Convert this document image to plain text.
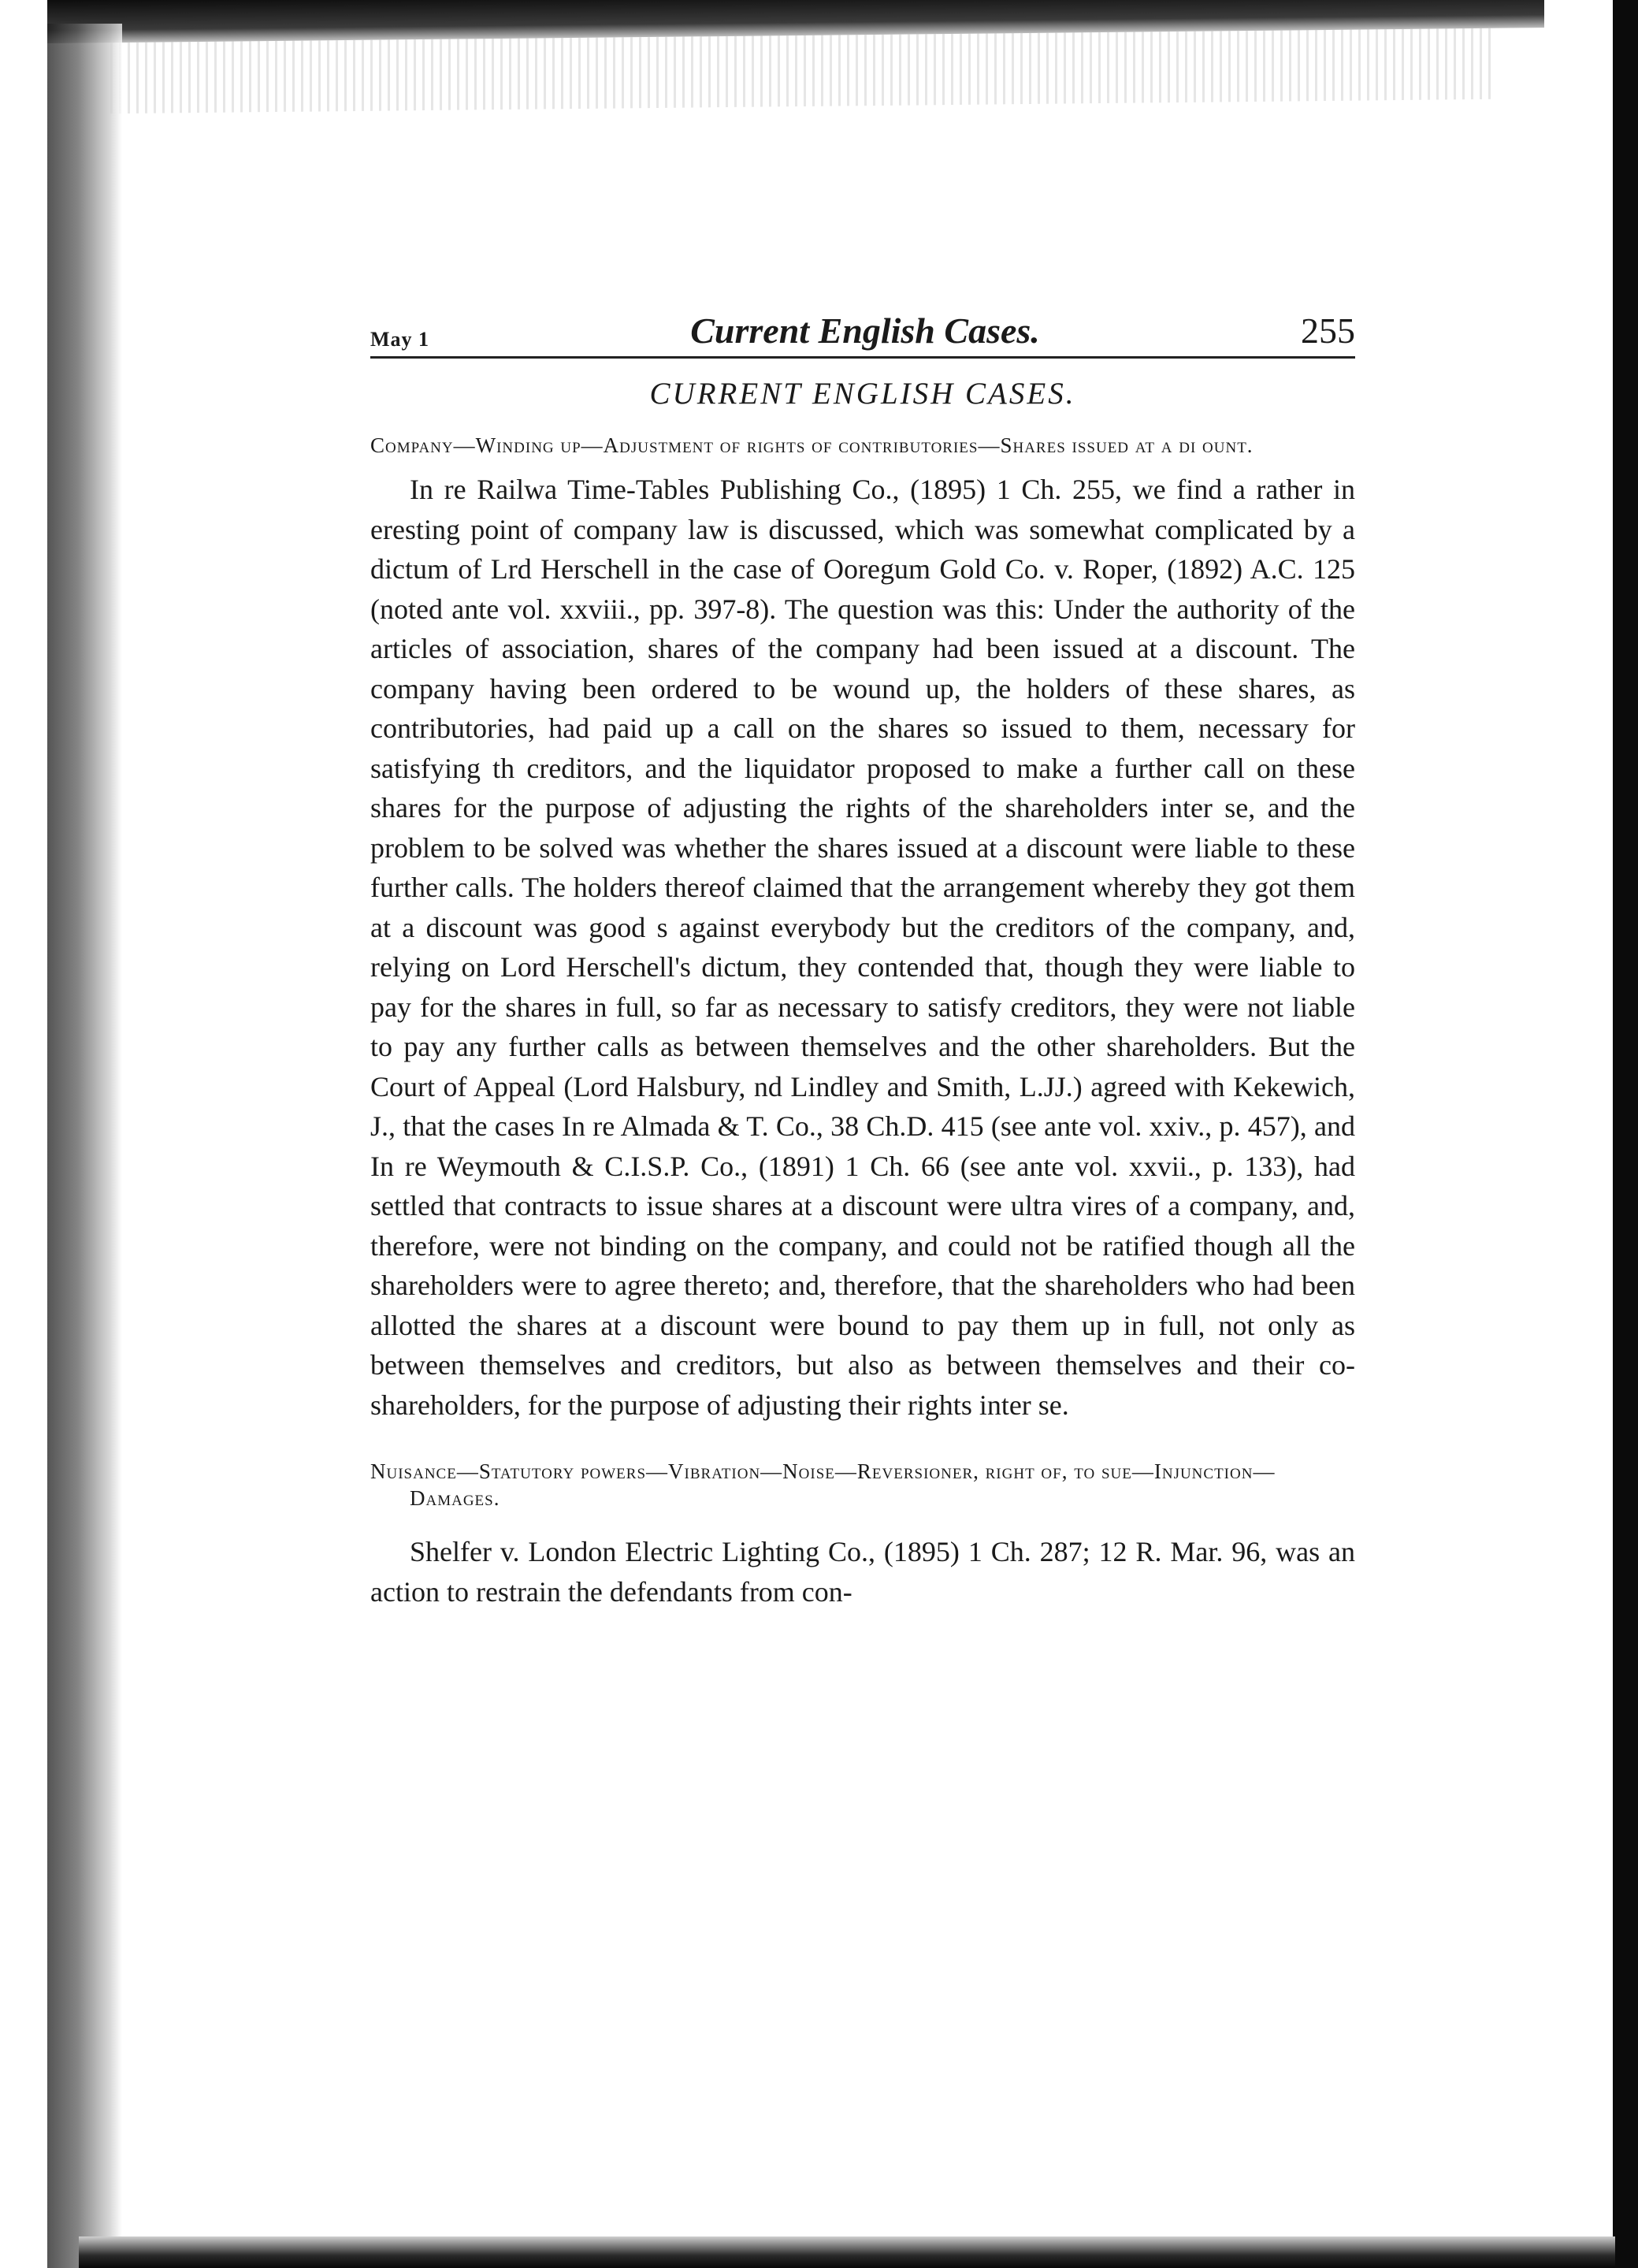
May 1	Current English Cases.	255
CURRENT ENGLISH CASES.
Company—Winding up—Adjustment of rights of contributories—Shares issued at a di ount.

In re Railwa Time-Tables Publishing Co., (1895) 1 Ch. 255, we find a rather in eresting point of company law is discussed, which was somewhat complicated by a dictum of Lrd Herschell in the case of Ooregum Gold Co. v. Roper, (1892) A.C. 125 (noted ante vol. xxviii., pp. 397-8). The question was this: Under the authority of the articles of association, shares of the company had been issued at a discount. The company having been ordered to be wound up, the holders of these shares, as contributories, had paid up a call on the shares so issued to them, necessary for satisfying th creditors, and the liquidator proposed to make a further call on these shares for the purpose of adjusting the rights of the shareholders inter se, and the problem to be solved was whether the shares issued at a discount were liable to these further calls. The holders thereof claimed that the arrangement whereby they got them at a discount was good s against everybody but the creditors of the company, and, relying on Lord Herschell's dictum, they contended that, though they were liable to pay for the shares in full, so far as necessary to satisfy creditors, they were not liable to pay any further calls as between themselves and the other shareholders. But the Court of Appeal (Lord Halsbury, nd Lindley and Smith, L.JJ.) agreed with Kekewich, J., that the cases In re Almada & T. Co., 38 Ch.D. 415 (see ante vol. xxiv., p. 457), and In re Weymouth & C.I.S.P. Co., (1891) 1 Ch. 66 (see ante vol. xxvii., p. 133), had settled that contracts to issue shares at a discount were ultra vires of a company, and, therefore, were not binding on the company, and could not be ratified though all the shareholders were to agree thereto; and, therefore, that the shareholders who had been allotted the shares at a discount were bound to pay them up in full, not only as between themselves and creditors, but also as between themselves and their co-shareholders, for the purpose of adjusting their rights inter se.

Nuisance—Statutory powers—Vibration—Noise—Reversioner, right of, to sue—Injunction—Damages.

Shelfer v. London Electric Lighting Co., (1895) 1 Ch. 287; 12 R. Mar. 96, was an action to restrain the defendants from con-
